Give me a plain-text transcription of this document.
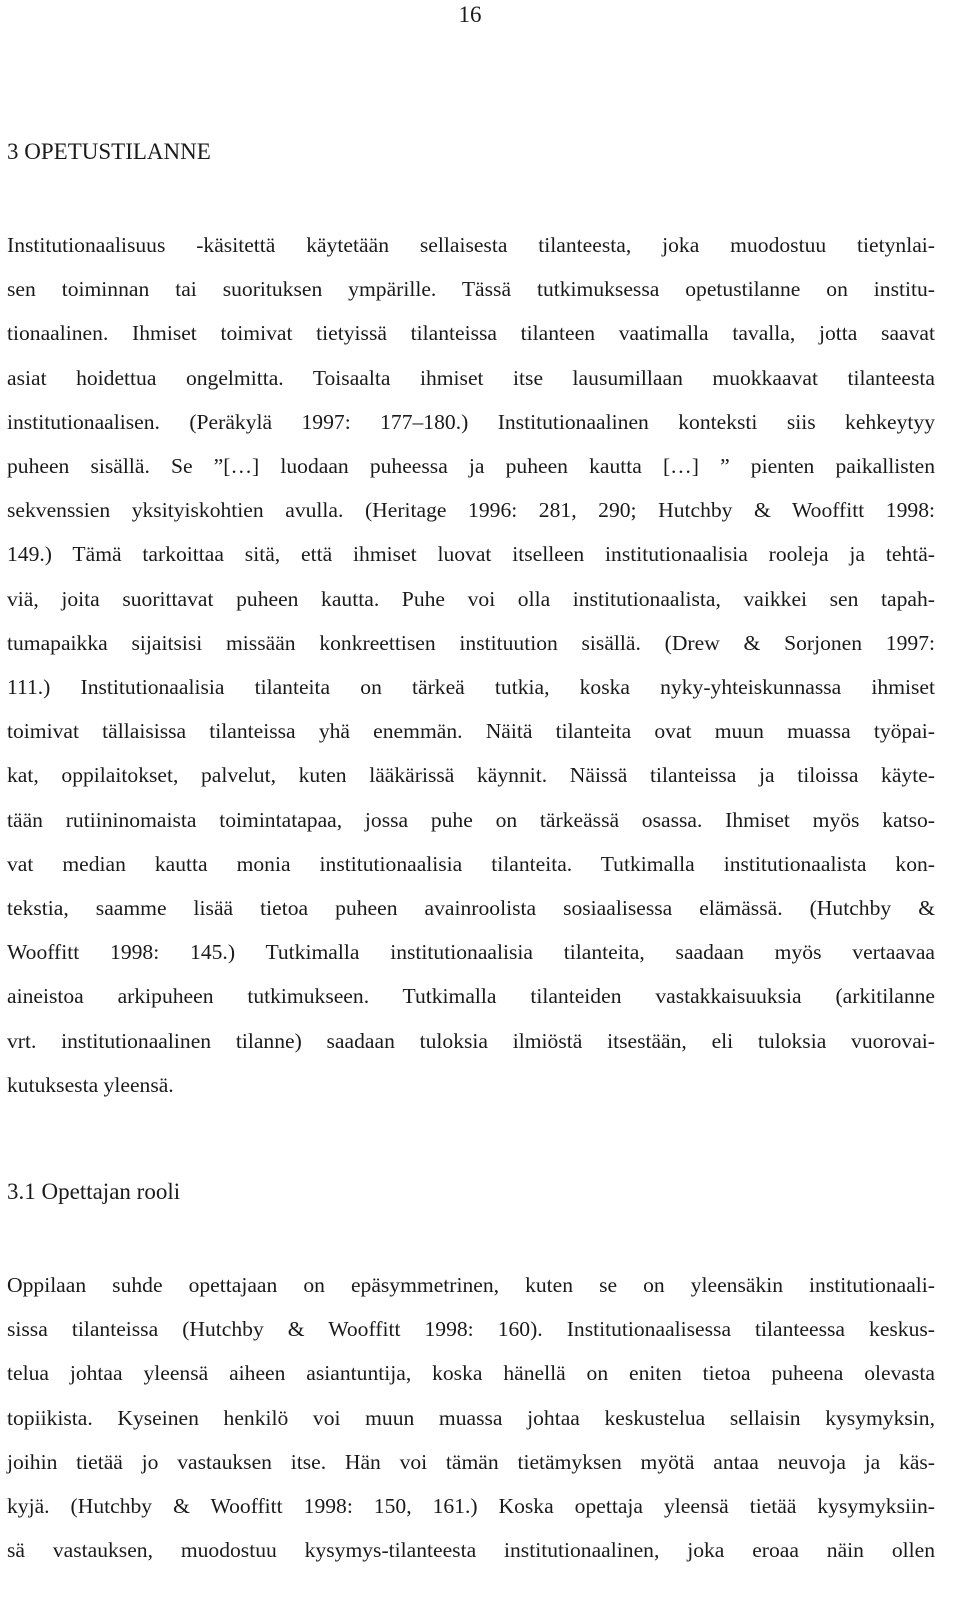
16
3 OPETUSTILANNE
Institutionaalisuus -käsitettä käytetään sellaisesta tilanteesta, joka muodostuu tietynlai-
sen toiminnan tai suorituksen ympärille. Tässä tutkimuksessa opetustilanne on institu-
tionaalinen. Ihmiset toimivat tietyissä tilanteissa tilanteen vaatimalla tavalla, jotta saavat
asiat hoidettua ongelmitta. Toisaalta ihmiset itse lausumillaan muokkaavat tilanteesta
institutionaalisen. (Peräkylä 1997: 177–180.) Institutionaalinen konteksti siis kehkeytyy
puheen sisällä. Se ”[…] luodaan puheessa ja puheen kautta […] ” pienten paikallisten
sekvenssien yksityiskohtien avulla. (Heritage 1996: 281, 290; Hutchby & Wooffitt 1998:
149.) Tämä tarkoittaa sitä, että ihmiset luovat itselleen institutionaalisia rooleja ja tehtä-
viä, joita suorittavat puheen kautta. Puhe voi olla institutionaalista, vaikkei sen tapah-
tumapaikka sijaitsisi missään konkreettisen instituution sisällä. (Drew & Sorjonen 1997:
111.) Institutionaalisia tilanteita on tärkeä tutkia, koska nyky-yhteiskunnassa ihmiset
toimivat tällaisissa tilanteissa yhä enemmän. Näitä tilanteita ovat muun muassa työpai-
kat, oppilaitokset, palvelut, kuten lääkärissä käynnit. Näissä tilanteissa ja tiloissa käyte-
tään rutiininomaista toimintatapaa, jossa puhe on tärkeässä osassa. Ihmiset myös katso-
vat median kautta monia institutionaalisia tilanteita. Tutkimalla institutionaalista kon-
tekstia, saamme lisää tietoa puheen avainroolista sosiaalisessa elämässä. (Hutchby &
Wooffitt 1998: 145.) Tutkimalla institutionaalisia tilanteita, saadaan myös vertaavaa
aineistoa arkipuheen tutkimukseen. Tutkimalla tilanteiden vastakkaisuuksia (arkitilanne
vrt. institutionaalinen tilanne) saadaan tuloksia ilmiöstä itsestään, eli tuloksia vuorovai-
kutuksesta yleensä.
3.1 Opettajan rooli
Oppilaan suhde opettajaan on epäsymmetrinen, kuten se on yleensäkin institutionaali-
sissa tilanteissa (Hutchby & Wooffitt 1998: 160). Institutionaalisessa tilanteessa keskus-
telua johtaa yleensä aiheen asiantuntija, koska hänellä on eniten tietoa puheena olevasta
topiikista. Kyseinen henkilö voi muun muassa johtaa keskustelua sellaisin kysymyksin,
joihin tietää jo vastauksen itse. Hän voi tämän tietämyksen myötä antaa neuvoja ja käs-
kyjä. (Hutchby & Wooffitt 1998: 150, 161.) Koska opettaja yleensä tietää kysymyksiin-
sä vastauksen, muodostuu kysymys-tilanteesta institutionaalinen, joka eroaa näin ollen
